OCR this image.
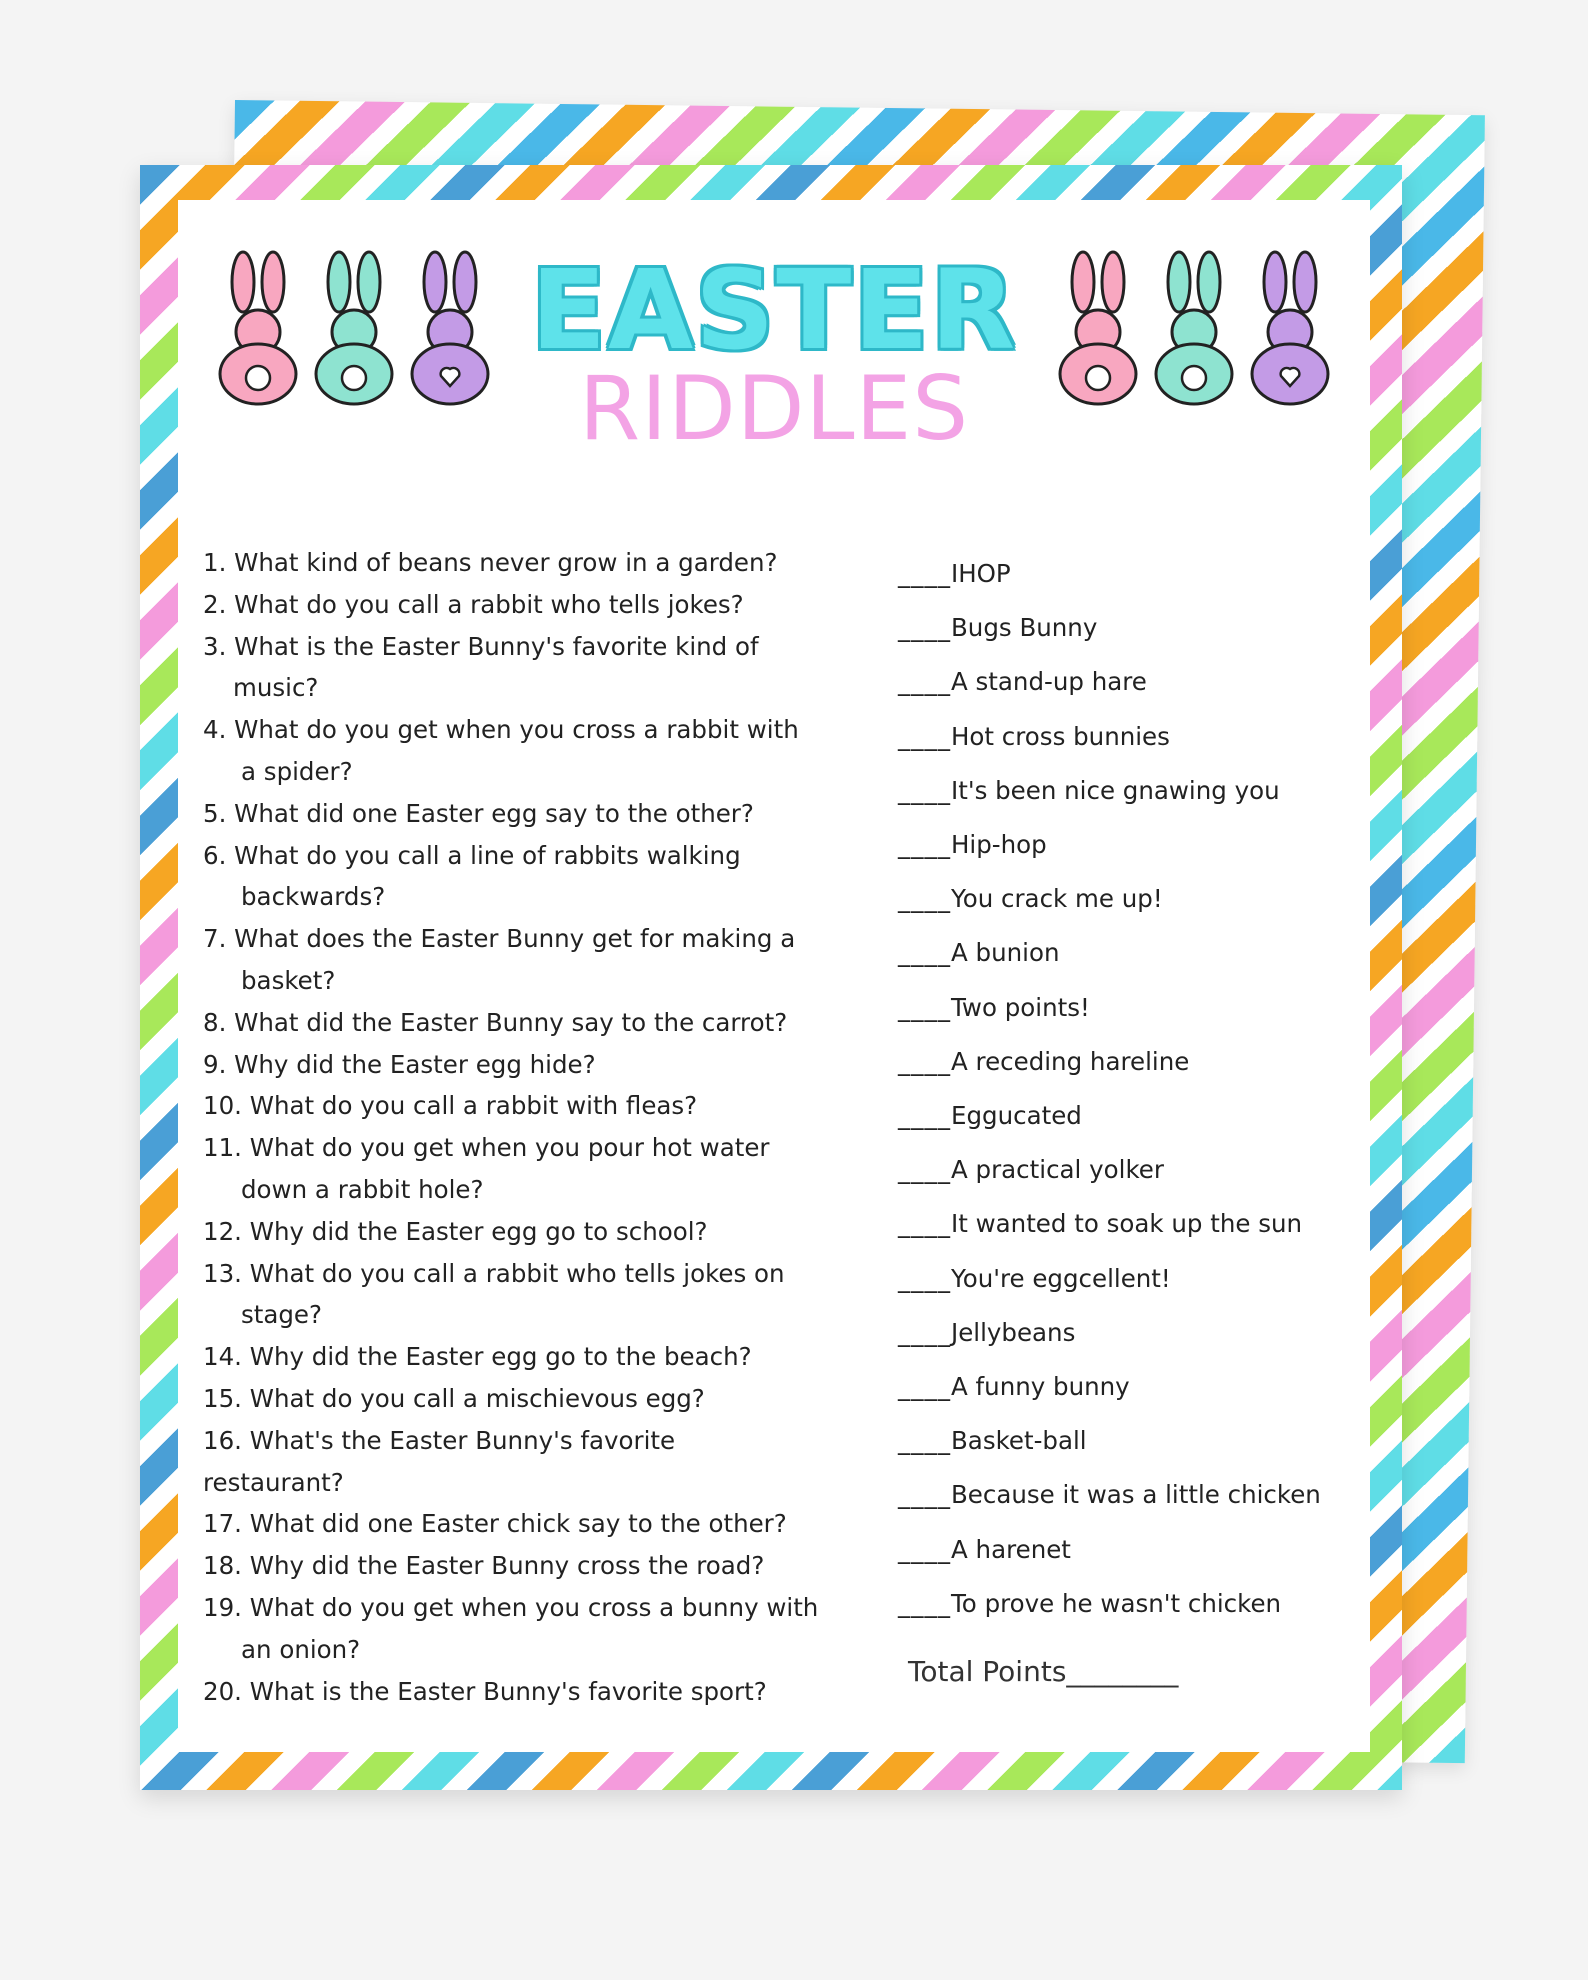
EASTER
RIDDLES
1. What kind of beans never grow in a garden?
2. What do you call a rabbit who tells jokes?
3. What is the Easter Bunny's favorite kind of
music?
4. What do you get when you cross a rabbit with
a spider?
5. What did one Easter egg say to the other?
6. What do you call a line of rabbits walking
backwards?
7. What does the Easter Bunny get for making a
basket?
8. What did the Easter Bunny say to the carrot?
9. Why did the Easter egg hide?
10. What do you call a rabbit with fleas?
11. What do you get when you pour hot water
down a rabbit hole?
12. Why did the Easter egg go to school?
13. What do you call a rabbit who tells jokes on
stage?
14. Why did the Easter egg go to the beach?
15. What do you call a mischievous egg?
16. What's the Easter Bunny's favorite
restaurant?
17. What did one Easter chick say to the other?
18. Why did the Easter Bunny cross the road?
19. What do you get when you cross a bunny with
an onion?
20. What is the Easter Bunny's favorite sport?
____IHOP
____Bugs Bunny
____A stand-up hare
____Hot cross bunnies
____It's been nice gnawing you
____Hip-hop
____You crack me up!
____A bunion
____Two points!
____A receding hareline
____Eggucated
____A practical yolker
____It wanted to soak up the sun
____You're eggcellent!
____Jellybeans
____A funny bunny
____Basket-ball
____Because it was a little chicken
____A harenet
____To prove he wasn't chicken
Total Points________
